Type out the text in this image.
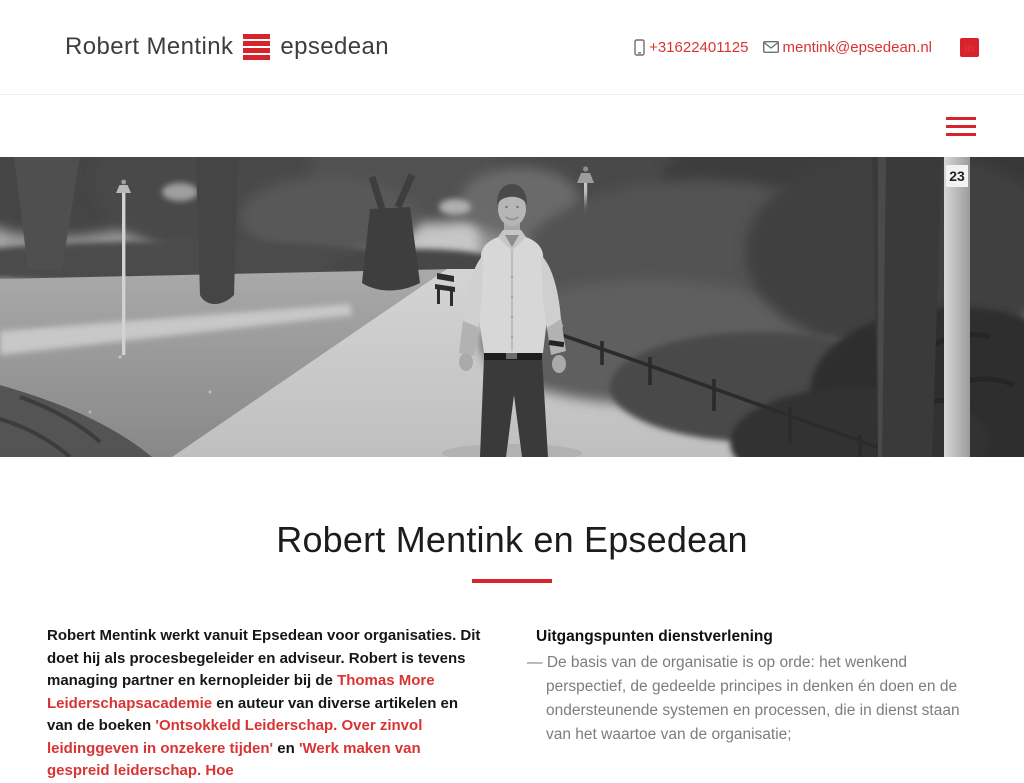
Robert Mentink epsedean	+31622401125 mentink@epsedean.nl	in
23
Robert Mentink en Epsedean

Robert Mentink werkt vanuit Epsedean voor organisaties. Dit doet hij als procesbegeleider en adviseur. Robert is tevens managing partner en kernopleider bij de Thomas More Leiderschapsacademie en auteur van diverse artikelen en van de boeken 'Ontsokkeld Leiderschap. Over zinvol leidinggeven in onzekere tijden' en 'Werk maken van gespreid leiderschap. Hoe

Uitgangspunten dienstverlening

— De basis van de organisatie is op orde: het wenkend perspectief, de gedeelde principes in denken én doen en de ondersteunende systemen en processen, die in dienst staan van het waartoe van de organisatie;
